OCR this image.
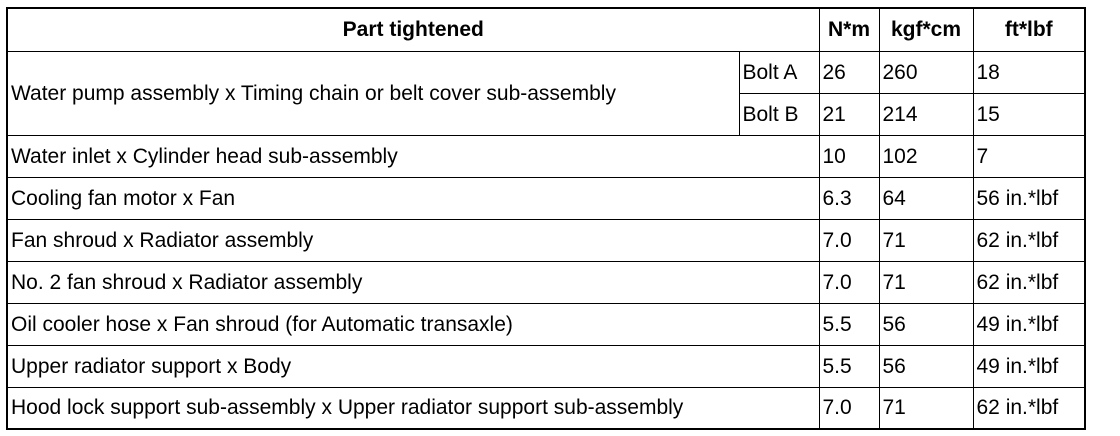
Part tightened		N*m	kgf*cm	ft*lbf
Water pump assembly x Timing chain or belt cover sub-assembly	Bolt A	26	260	18
	Bolt B	21	214	15
Water inlet x Cylinder head sub-assembly		10	102	7
Cooling fan motor x Fan		6.3	64	56 in.*lbf
Fan shroud x Radiator assembly		7.0	71	62 in.*lbf
No. 2 fan shroud x Radiator assembly		7.0	71	62 in.*lbf
Oil cooler hose x Fan shroud (for Automatic transaxle)		5.5	56	49 in.*lbf
Upper radiator support x Body		5.5	56	49 in.*lbf
Hood lock support sub-assembly x Upper radiator support sub-assembly		7.0	71	62 in.*lbf
